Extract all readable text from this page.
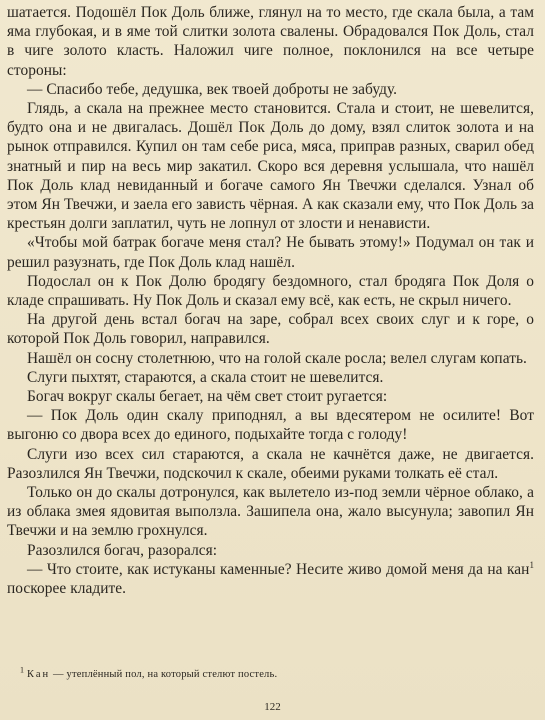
шатается. Подошёл Пок Доль ближе, глянул на то место, где скала была, а там яма глубокая, и в яме той слитки золота свалены. Обрадовался Пок Доль, стал в чиге золото класть. Наложил чиге полное, поклонился на все четыре стороны:

— Спасибо тебе, дедушка, век твоей доброты не забуду.

Глядь, а скала на прежнее место становится. Стала и стоит, не шевелится, будто она и не двигалась. Дошёл Пок Доль до дому, взял слиток золота и на рынок отправился. Купил он там себе риса, мяса, приправ разных, сварил обед знатный и пир на весь мир закатил. Скоро вся деревня услышала, что нашёл Пок Доль клад невиданный и богаче самого Ян Твечжи сделался. Узнал об этом Ян Твечжи, и заела его зависть чёрная. А как сказали ему, что Пок Доль за крестьян долги заплатил, чуть не лопнул от злости и ненависти.

«Чтобы мой батрак богаче меня стал? Не бывать этому!» Подумал он так и решил разузнать, где Пок Доль клад нашёл.

Подослал он к Пок Долю бродягу бездомного, стал бродяга Пок Доля о кладе спрашивать. Ну Пок Доль и сказал ему всё, как есть, не скрыл ничего.

На другой день встал богач на заре, собрал всех своих слуг и к горе, о которой Пок Доль говорил, направился.

Нашёл он сосну столетнюю, что на голой скале росла; велел слугам копать.

Слуги пыхтят, стараются, а скала стоит не шевелится.

Богач вокруг скалы бегает, на чём свет стоит ругается:

— Пок Доль один скалу приподнял, а вы вдесятером не осилите! Вот выгоню со двора всех до единого, подыхайте тогда с голоду!

Слуги изо всех сил стараются, а скала не качнётся даже, не двигается. Разозлился Ян Твечжи, подскочил к скале, обеими руками толкать её стал.

Только он до скалы дотронулся, как вылетело из-под земли чёрное облако, а из облака змея ядовитая выползла. Зашипела она, жало высунула; завопил Ян Твечжи и на землю грохнулся.

Разозлился богач, разорался:

— Что стоите, как истуканы каменные? Несите живо домой меня да на кан$^1$ поскорее кладите.

$^1$ Кан — утеплённый пол, на который стелют постель.
122
